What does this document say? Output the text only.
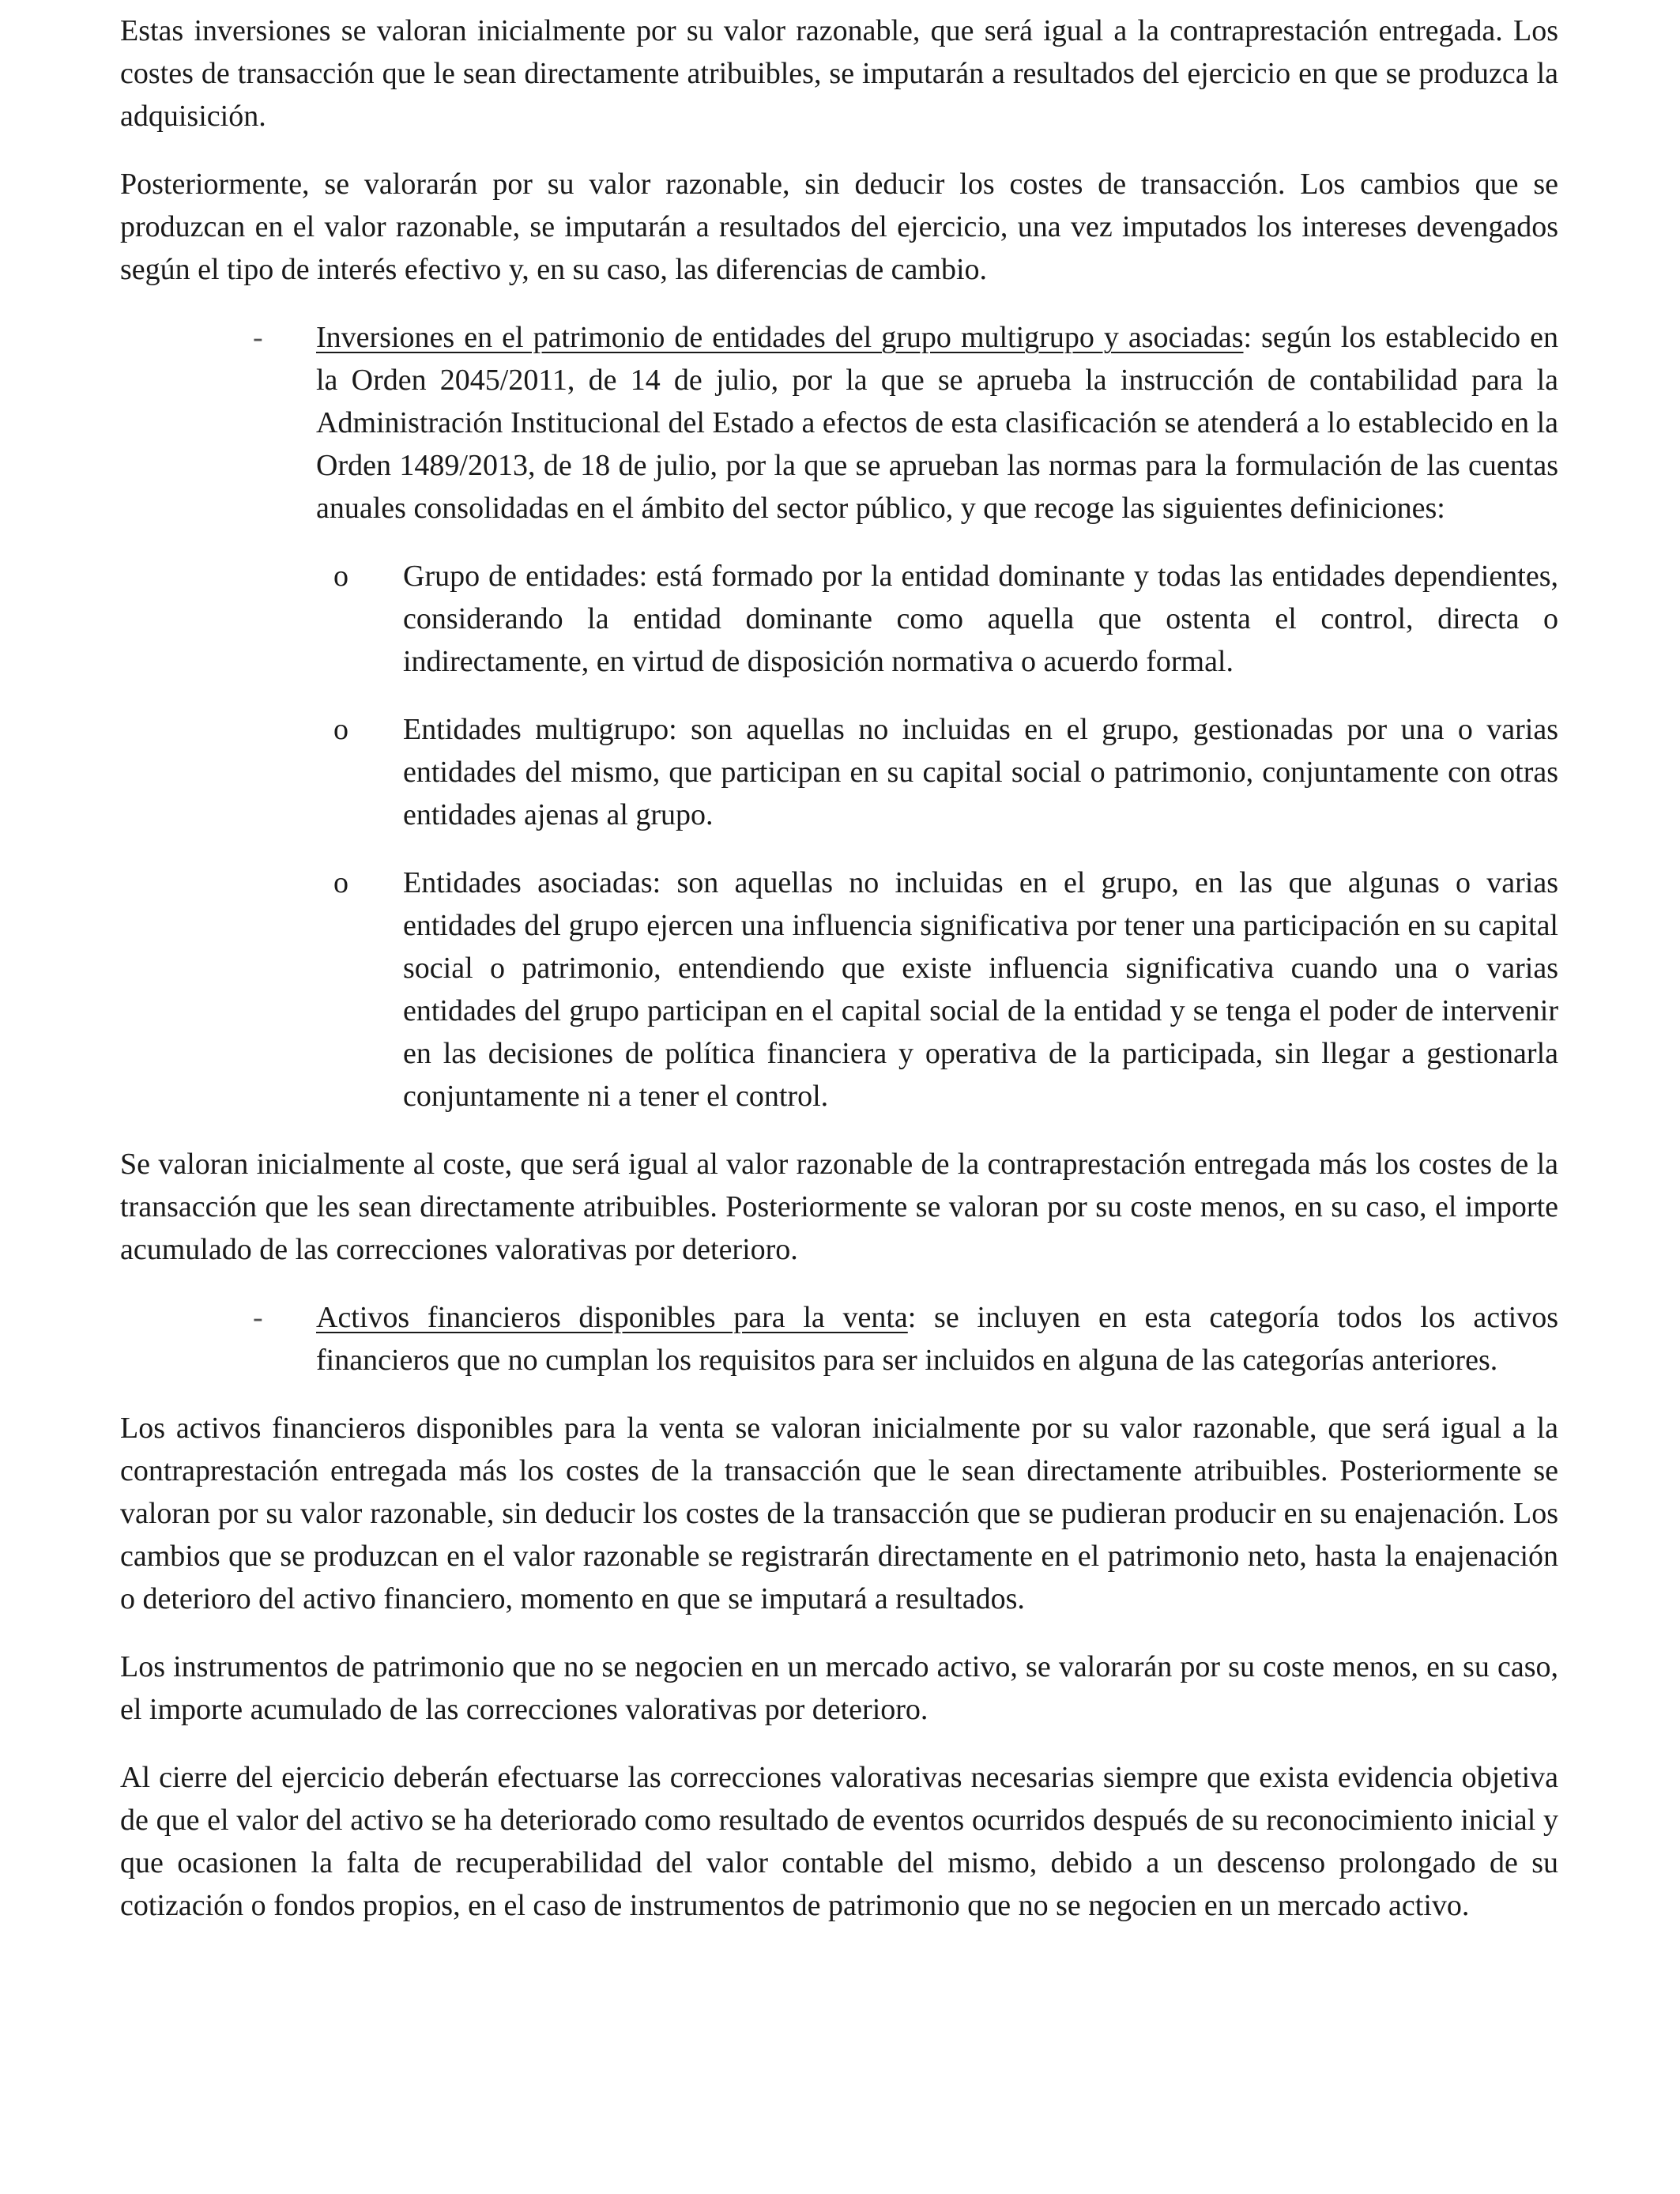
Estas inversiones se valoran inicialmente por su valor razonable, que será igual a la contraprestación entregada. Los costes de transacción que le sean directamente atribuibles, se imputarán a resultados del ejercicio en que se produzca la adquisición.

Posteriormente, se valorarán por su valor razonable, sin deducir los costes de transacción. Los cambios que se produzcan en el valor razonable, se imputarán a resultados del ejercicio, una vez imputados los intereses devengados según el tipo de interés efectivo y, en su caso, las diferencias de cambio.

- Inversiones en el patrimonio de entidades del grupo multigrupo y asociadas: según los establecido en la Orden 2045/2011, de 14 de julio, por la que se aprueba la instrucción de contabilidad para la Administración Institucional del Estado a efectos de esta clasificación se atenderá a lo establecido en la Orden 1489/2013, de 18 de julio, por la que se aprueban las normas para la formulación de las cuentas anuales consolidadas en el ámbito del sector público, y que recoge las siguientes definiciones:
o Grupo de entidades: está formado por la entidad dominante y todas las entidades dependientes, considerando la entidad dominante como aquella que ostenta el control, directa o indirectamente, en virtud de disposición normativa o acuerdo formal.
o Entidades multigrupo: son aquellas no incluidas en el grupo, gestionadas por una o varias entidades del mismo, que participan en su capital social o patrimonio, conjuntamente con otras entidades ajenas al grupo.
o Entidades asociadas: son aquellas no incluidas en el grupo, en las que algunas o varias entidades del grupo ejercen una influencia significativa por tener una participación en su capital social o patrimonio, entendiendo que existe influencia significativa cuando una o varias entidades del grupo participan en el capital social de la entidad y se tenga el poder de intervenir en las decisiones de política financiera y operativa de la participada, sin llegar a gestionarla conjuntamente ni a tener el control.

Se valoran inicialmente al coste, que será igual al valor razonable de la contraprestación entregada más los costes de la transacción que les sean directamente atribuibles. Posteriormente se valoran por su coste menos, en su caso, el importe acumulado de las correcciones valorativas por deterioro.

- Activos financieros disponibles para la venta: se incluyen en esta categoría todos los activos financieros que no cumplan los requisitos para ser incluidos en alguna de las categorías anteriores.

Los activos financieros disponibles para la venta se valoran inicialmente por su valor razonable, que será igual a la contraprestación entregada más los costes de la transacción que le sean directamente atribuibles. Posteriormente se valoran por su valor razonable, sin deducir los costes de la transacción que se pudieran producir en su enajenación. Los cambios que se produzcan en el valor razonable se registrarán directamente en el patrimonio neto, hasta la enajenación o deterioro del activo financiero, momento en que se imputará a resultados.

Los instrumentos de patrimonio que no se negocien en un mercado activo, se valorarán por su coste menos, en su caso, el importe acumulado de las correcciones valorativas por deterioro.

Al cierre del ejercicio deberán efectuarse las correcciones valorativas necesarias siempre que exista evidencia objetiva de que el valor del activo se ha deteriorado como resultado de eventos ocurridos después de su reconocimiento inicial y que ocasionen la falta de recuperabilidad del valor contable del mismo, debido a un descenso prolongado de su cotización o fondos propios, en el caso de instrumentos de patrimonio que no se negocien en un mercado activo.
